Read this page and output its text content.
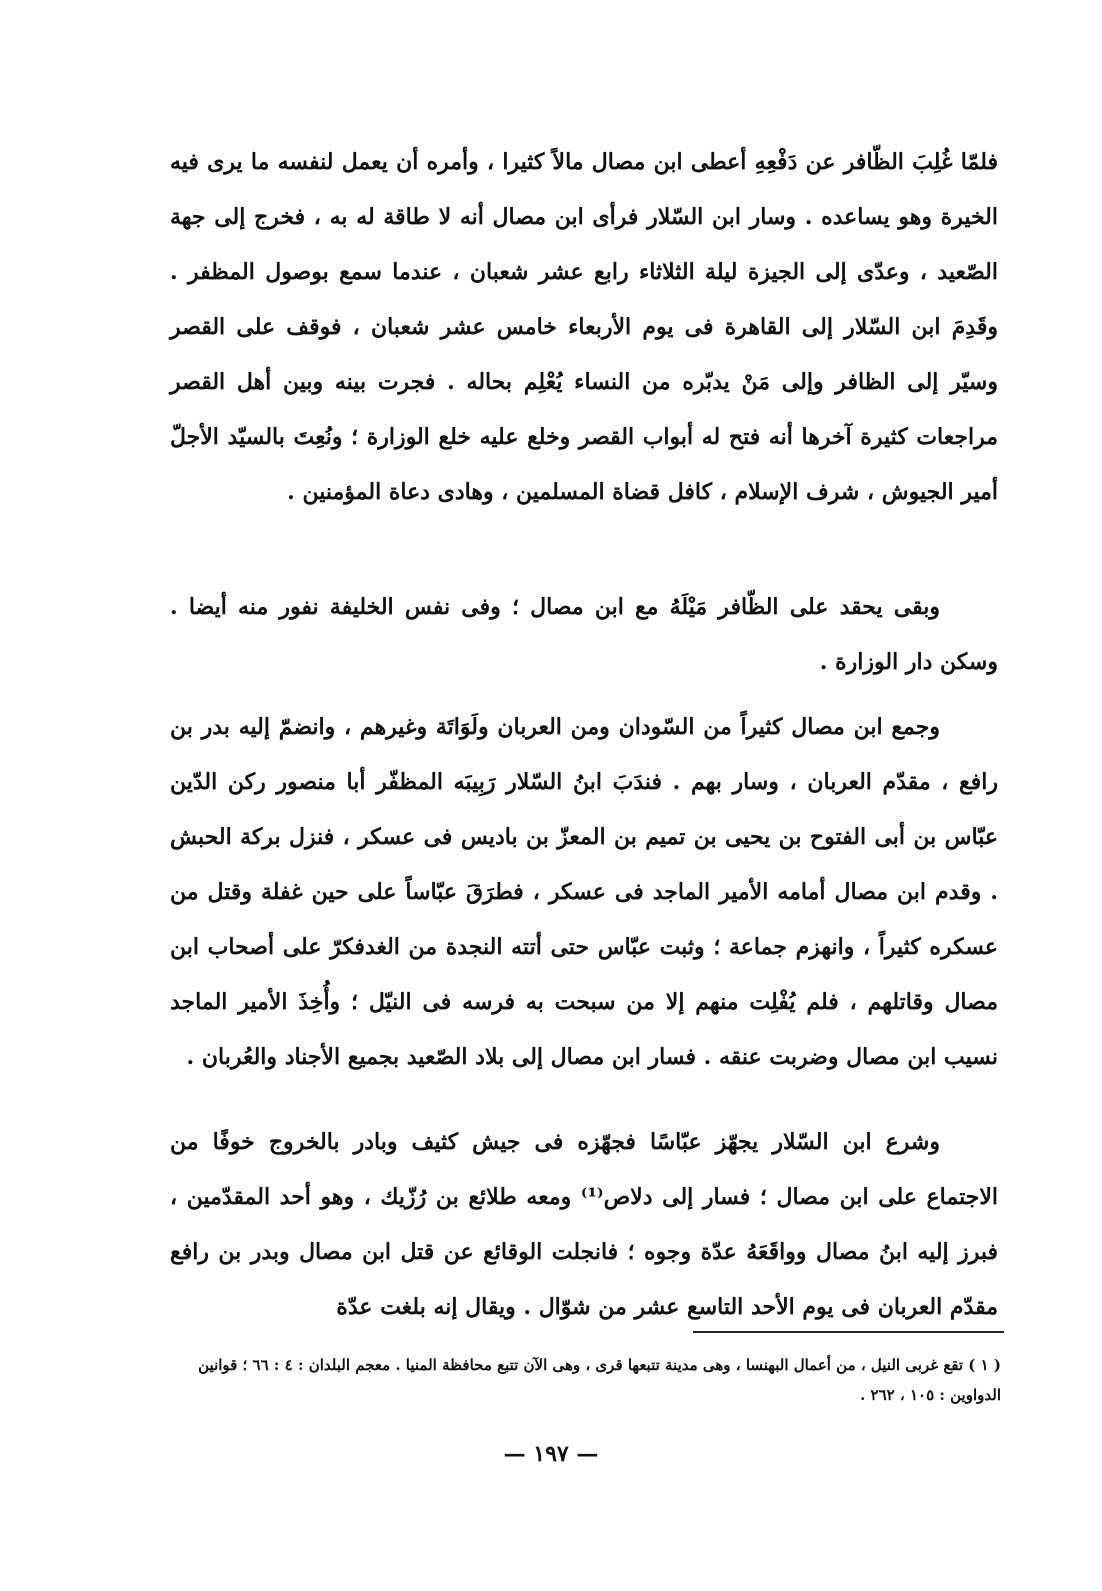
فلمّا غُلِبَ الظّافر عن دَفْعِهِ أعطى ابن مصال مالاً كثيرا ، وأمره أن يعمل لنفسه ما يرى فيه الخيرة وهو يساعده . وسار ابن السّلار فرأى ابن مصال أنه لا طاقة له به ، فخرج إلى جهة الصّعيد ، وعدّى إلى الجيزة ليلة الثلاثاء رابع عشر شعبان ، عندما سمع بوصول المظفر . وقَدِمَ ابن السّلار إلى القاهرة فى يوم الأربعاء خامس عشر شعبان ، فوقف على القصر وسيّر إلى الظافر وإلى مَنْ يدبّره من النساء يُعْلِم بحاله . فجرت بينه وبين أهل القصر مراجعات كثيرة آخرها أنه فتح له أبواب القصر وخلع عليه خلع الوزارة ؛ ونُعِتَ بالسيّد الأجلّ أمير الجيوش ، شرف الإسلام ، كافل قضاة المسلمين ، وهادى دعاة المؤمنين .

وبقى يحقد على الظّافر مَيْلَهُ مع ابن مصال ؛ وفى نفس الخليفة نفور منه أيضا . وسكن دار الوزارة .

وجمع ابن مصال كثيراً من السّودان ومن العربان ولَوَاتَة وغيرهم ، وانضمّ إليه بدر بن رافع ، مقدّم العربان ، وسار بهم . فندَبَ ابنُ السّلار رَبِيبَه المظفّر أبا منصور ركن الدّين عبّاس بن أبى الفتوح بن يحيى بن تميم بن المعزّ بن باديس فى عسكر ، فنزل بركة الحبش . وقدم ابن مصال أمامه الأمير الماجد فى عسكر ، فطرَقَ عبّاساً على حين غفلة وقتل من عسكره كثيراً ، وانهزم جماعة ؛ وثبت عبّاس حتى أتته النجدة من الغدفكرّ على أصحاب ابن مصال وقاتلهم ، فلم يُفْلِت منهم إلا من سبحت به فرسه فى النيّل ؛ وأُخِذَ الأمير الماجد نسيب ابن مصال وضربت عنقه . فسار ابن مصال إلى بلاد الصّعيد بجميع الأجناد والعُربان .

وشرع ابن السّلار يجهّز عبّاسًا فجهّزه فى جيش كثيف وبادر بالخروج خوفًا من الاجتماع على ابن مصال ؛ فسار إلى دلاص⁽¹⁾ ومعه طلائع بن رُزّيك ، وهو أحد المقدّمين ، فبرز إليه ابنُ مصال وواقَعَهُ عدّة وجوه ؛ فانجلت الوقائع عن قتل ابن مصال وبدر بن رافع مقدّم العربان فى يوم الأحد التاسع عشر من شوّال . ويقال إنه بلغت عدّة

( ١ ) تقع غربى النيل ، من أعمال البهنسا ، وهى مدينة تتبعها قرى ، وهى الآن تتبع محافظة المنيا . معجم البلدان : ٤ : ٦٦ ؛ قوانين الدواوين : ١٠٥ ، ٢٦٢ .

— ١٩٧ —
